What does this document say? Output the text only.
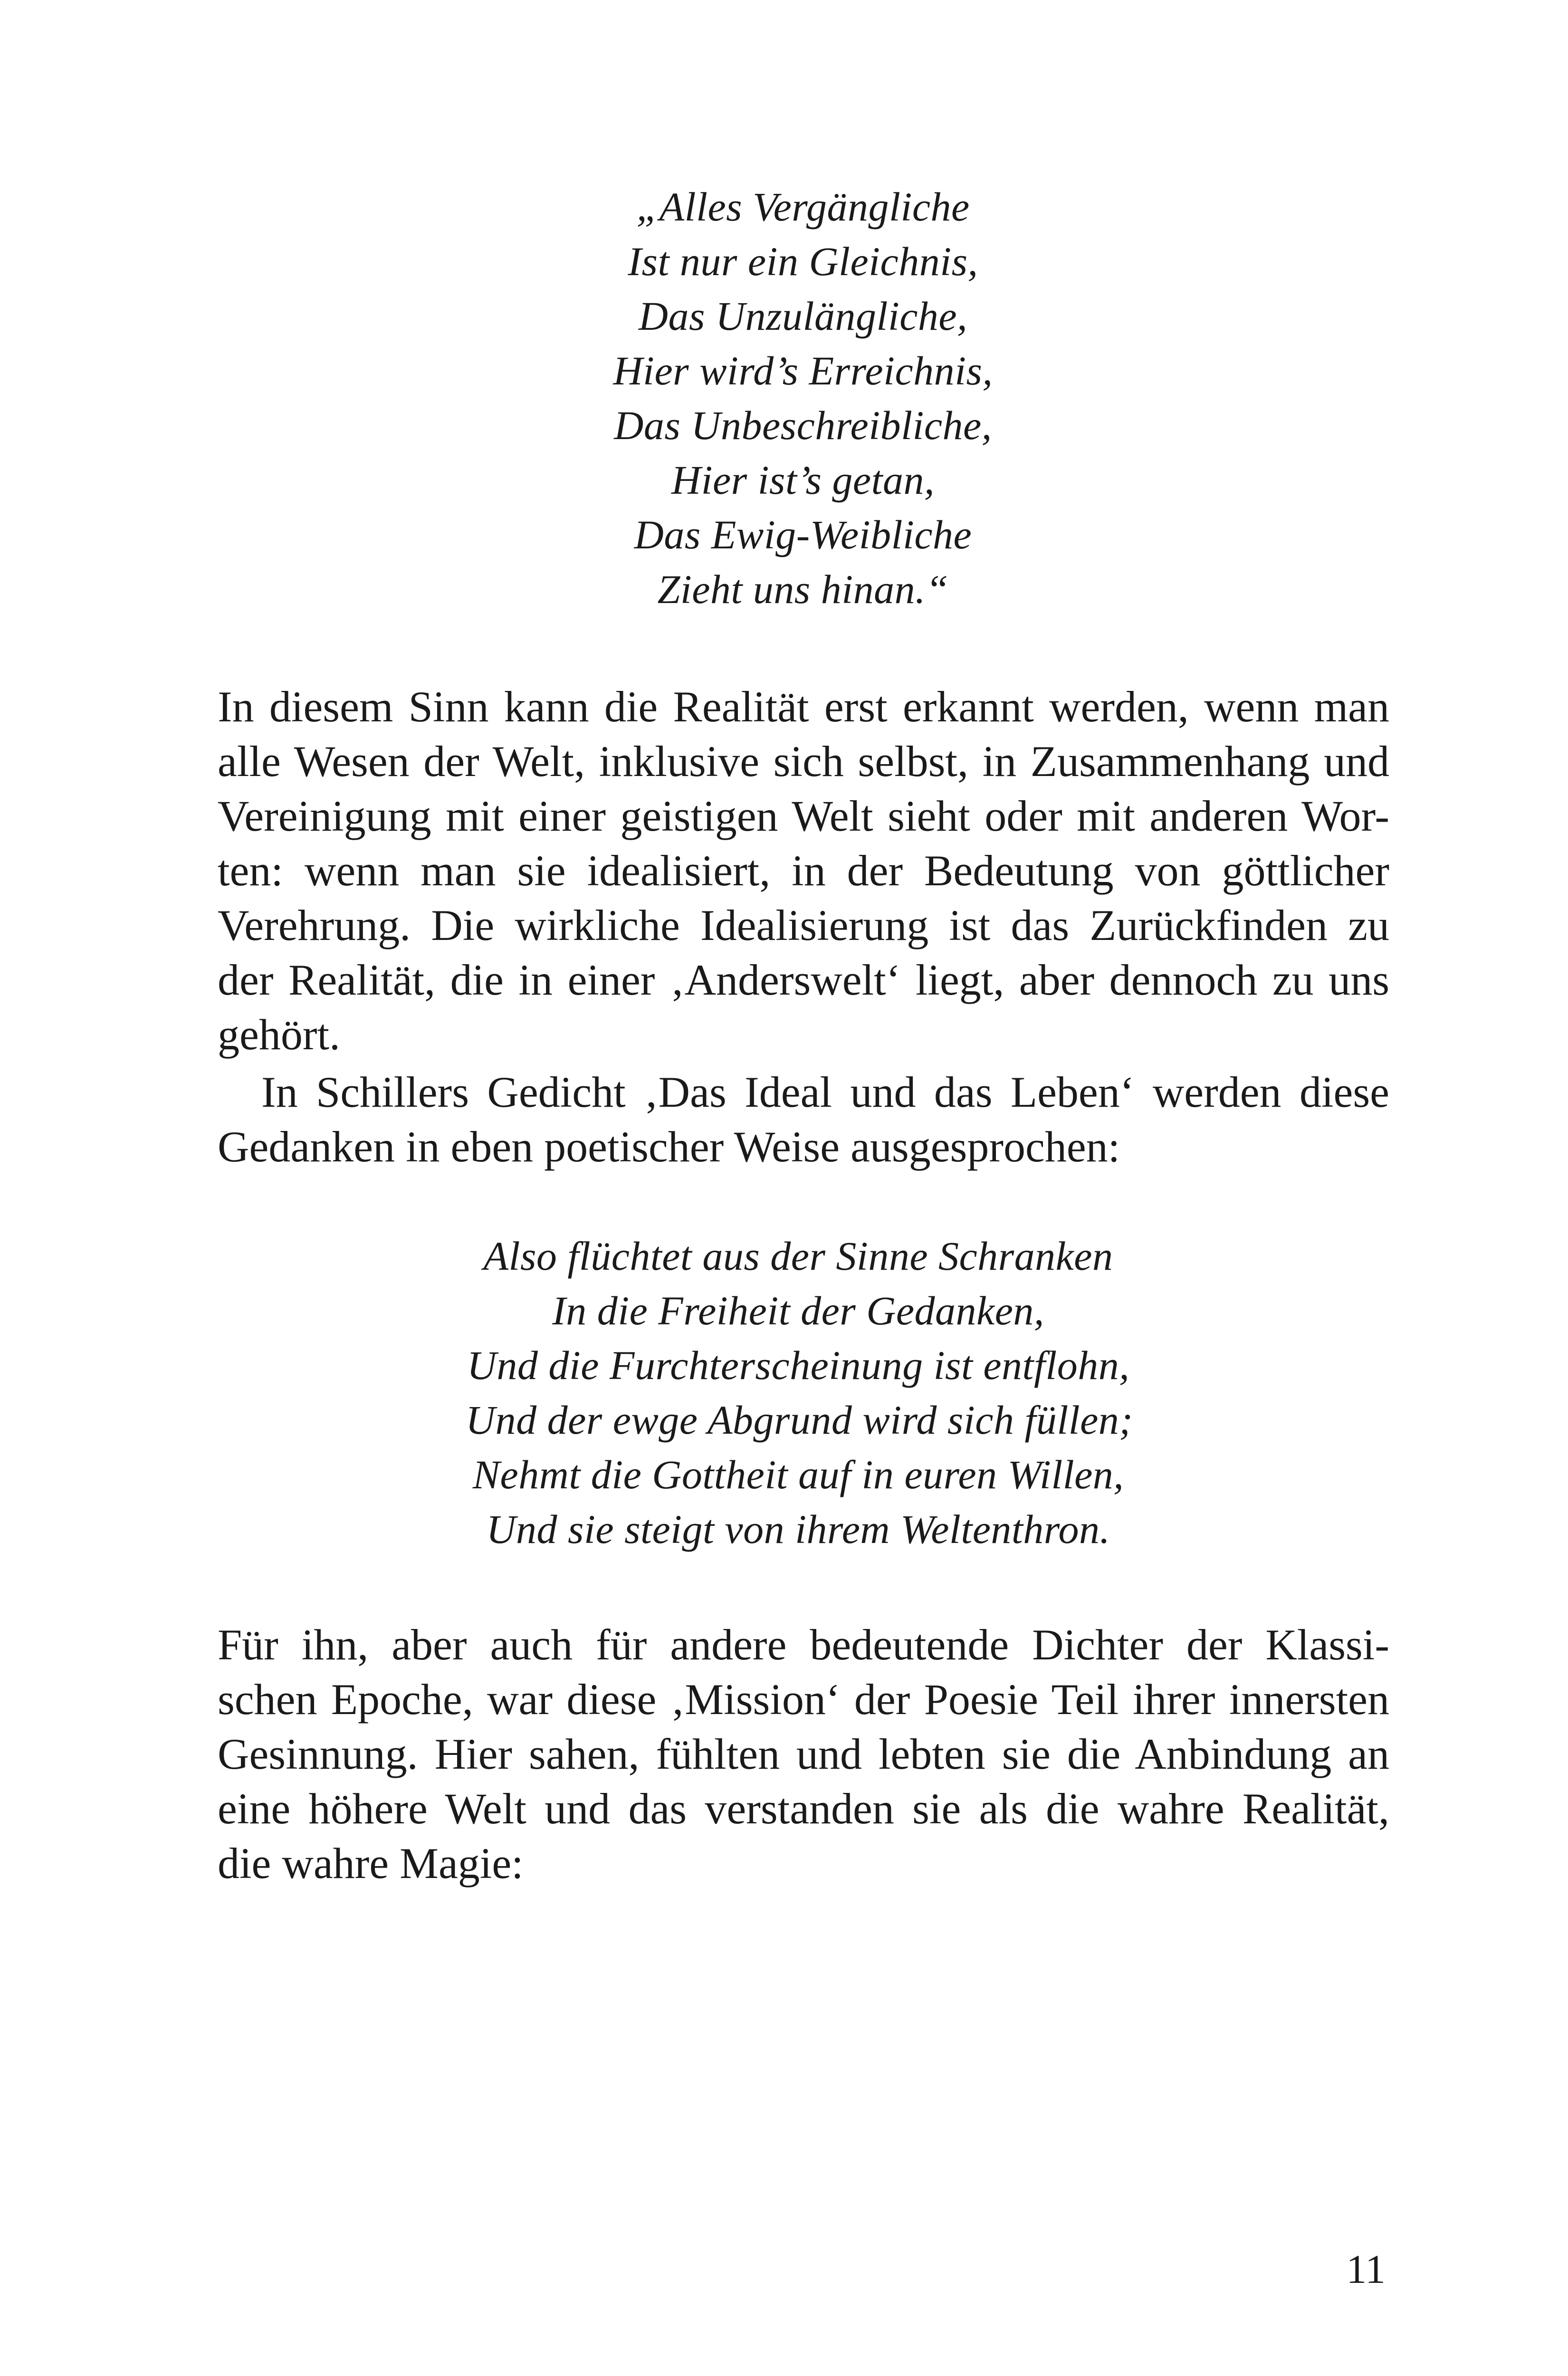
„Alles Vergängliche
Ist nur ein Gleichnis,
Das Unzulängliche,
Hier wird’s Erreichnis,
Das Unbeschreibliche,
Hier ist’s getan,
Das Ewig-Weibliche
Zieht uns hinan.“
In diesem Sinn kann die Realität erst erkannt werden, wenn man
alle Wesen der Welt, inklusive sich selbst, in Zusammenhang und
Vereinigung mit einer geistigen Welt sieht oder mit anderen Wor-
ten: wenn man sie idealisiert, in der Bedeutung von göttlicher
Verehrung. Die wirkliche Idealisierung ist das Zurückfinden zu
der Realität, die in einer ‚Anderswelt‘ liegt, aber dennoch zu uns
gehört.
In Schillers Gedicht ‚Das Ideal und das Leben‘ werden diese
Gedanken in eben poetischer Weise ausgesprochen:
Also flüchtet aus der Sinne Schranken
In die Freiheit der Gedanken,
Und die Furchterscheinung ist entflohn,
Und der ewge Abgrund wird sich füllen;
Nehmt die Gottheit auf in euren Willen,
Und sie steigt von ihrem Weltenthron.
Für ihn, aber auch für andere bedeutende Dichter der Klassi-
schen Epoche, war diese ‚Mission‘ der Poesie Teil ihrer innersten
Gesinnung. Hier sahen, fühlten und lebten sie die Anbindung an
eine höhere Welt und das verstanden sie als die wahre Realität,
die wahre Magie:
11
